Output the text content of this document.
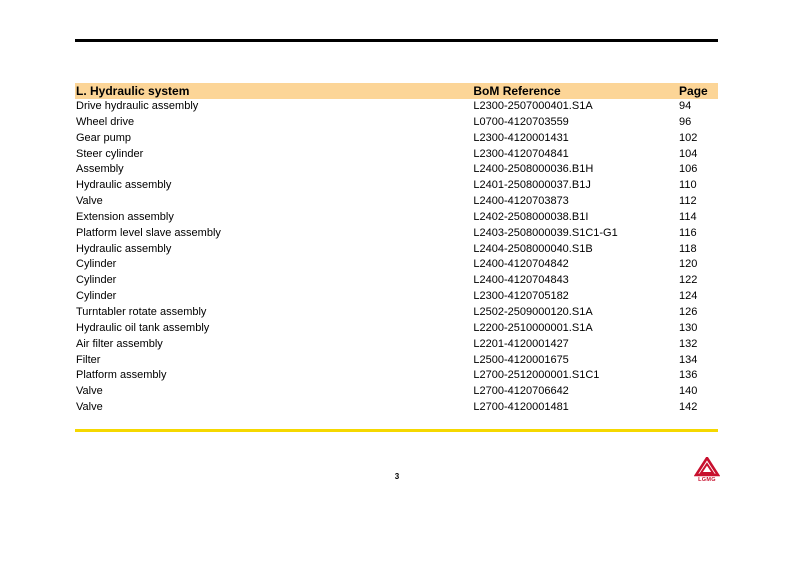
L. Hydraulic system	BoM Reference	Page
Drive hydraulic assembly	L2300-2507000401.S1A	94
Wheel drive	L0700-4120703559	96
Gear pump	L2300-4120001431	102
Steer cylinder	L2300-4120704841	104
Assembly	L2400-2508000036.B1H	106
Hydraulic assembly	L2401-2508000037.B1J	110
Valve	L2400-4120703873	112
Extension assembly	L2402-2508000038.B1I	114
Platform level slave assembly	L2403-2508000039.S1C1-G1	116
Hydraulic assembly	L2404-2508000040.S1B	118
Cylinder	L2400-4120704842	120
Cylinder	L2400-4120704843	122
Cylinder	L2300-4120705182	124
Turntabler rotate assembly	L2502-2509000120.S1A	126
Hydraulic oil tank assembly	L2200-2510000001.S1A	130
Air filter assembly	L2201-4120001427	132
Filter	L2500-4120001675	134
Platform assembly	L2700-2512000001.S1C1	136
Valve	L2700-4120706642	140
Valve	L2700-4120001481	142
3	LGMG
